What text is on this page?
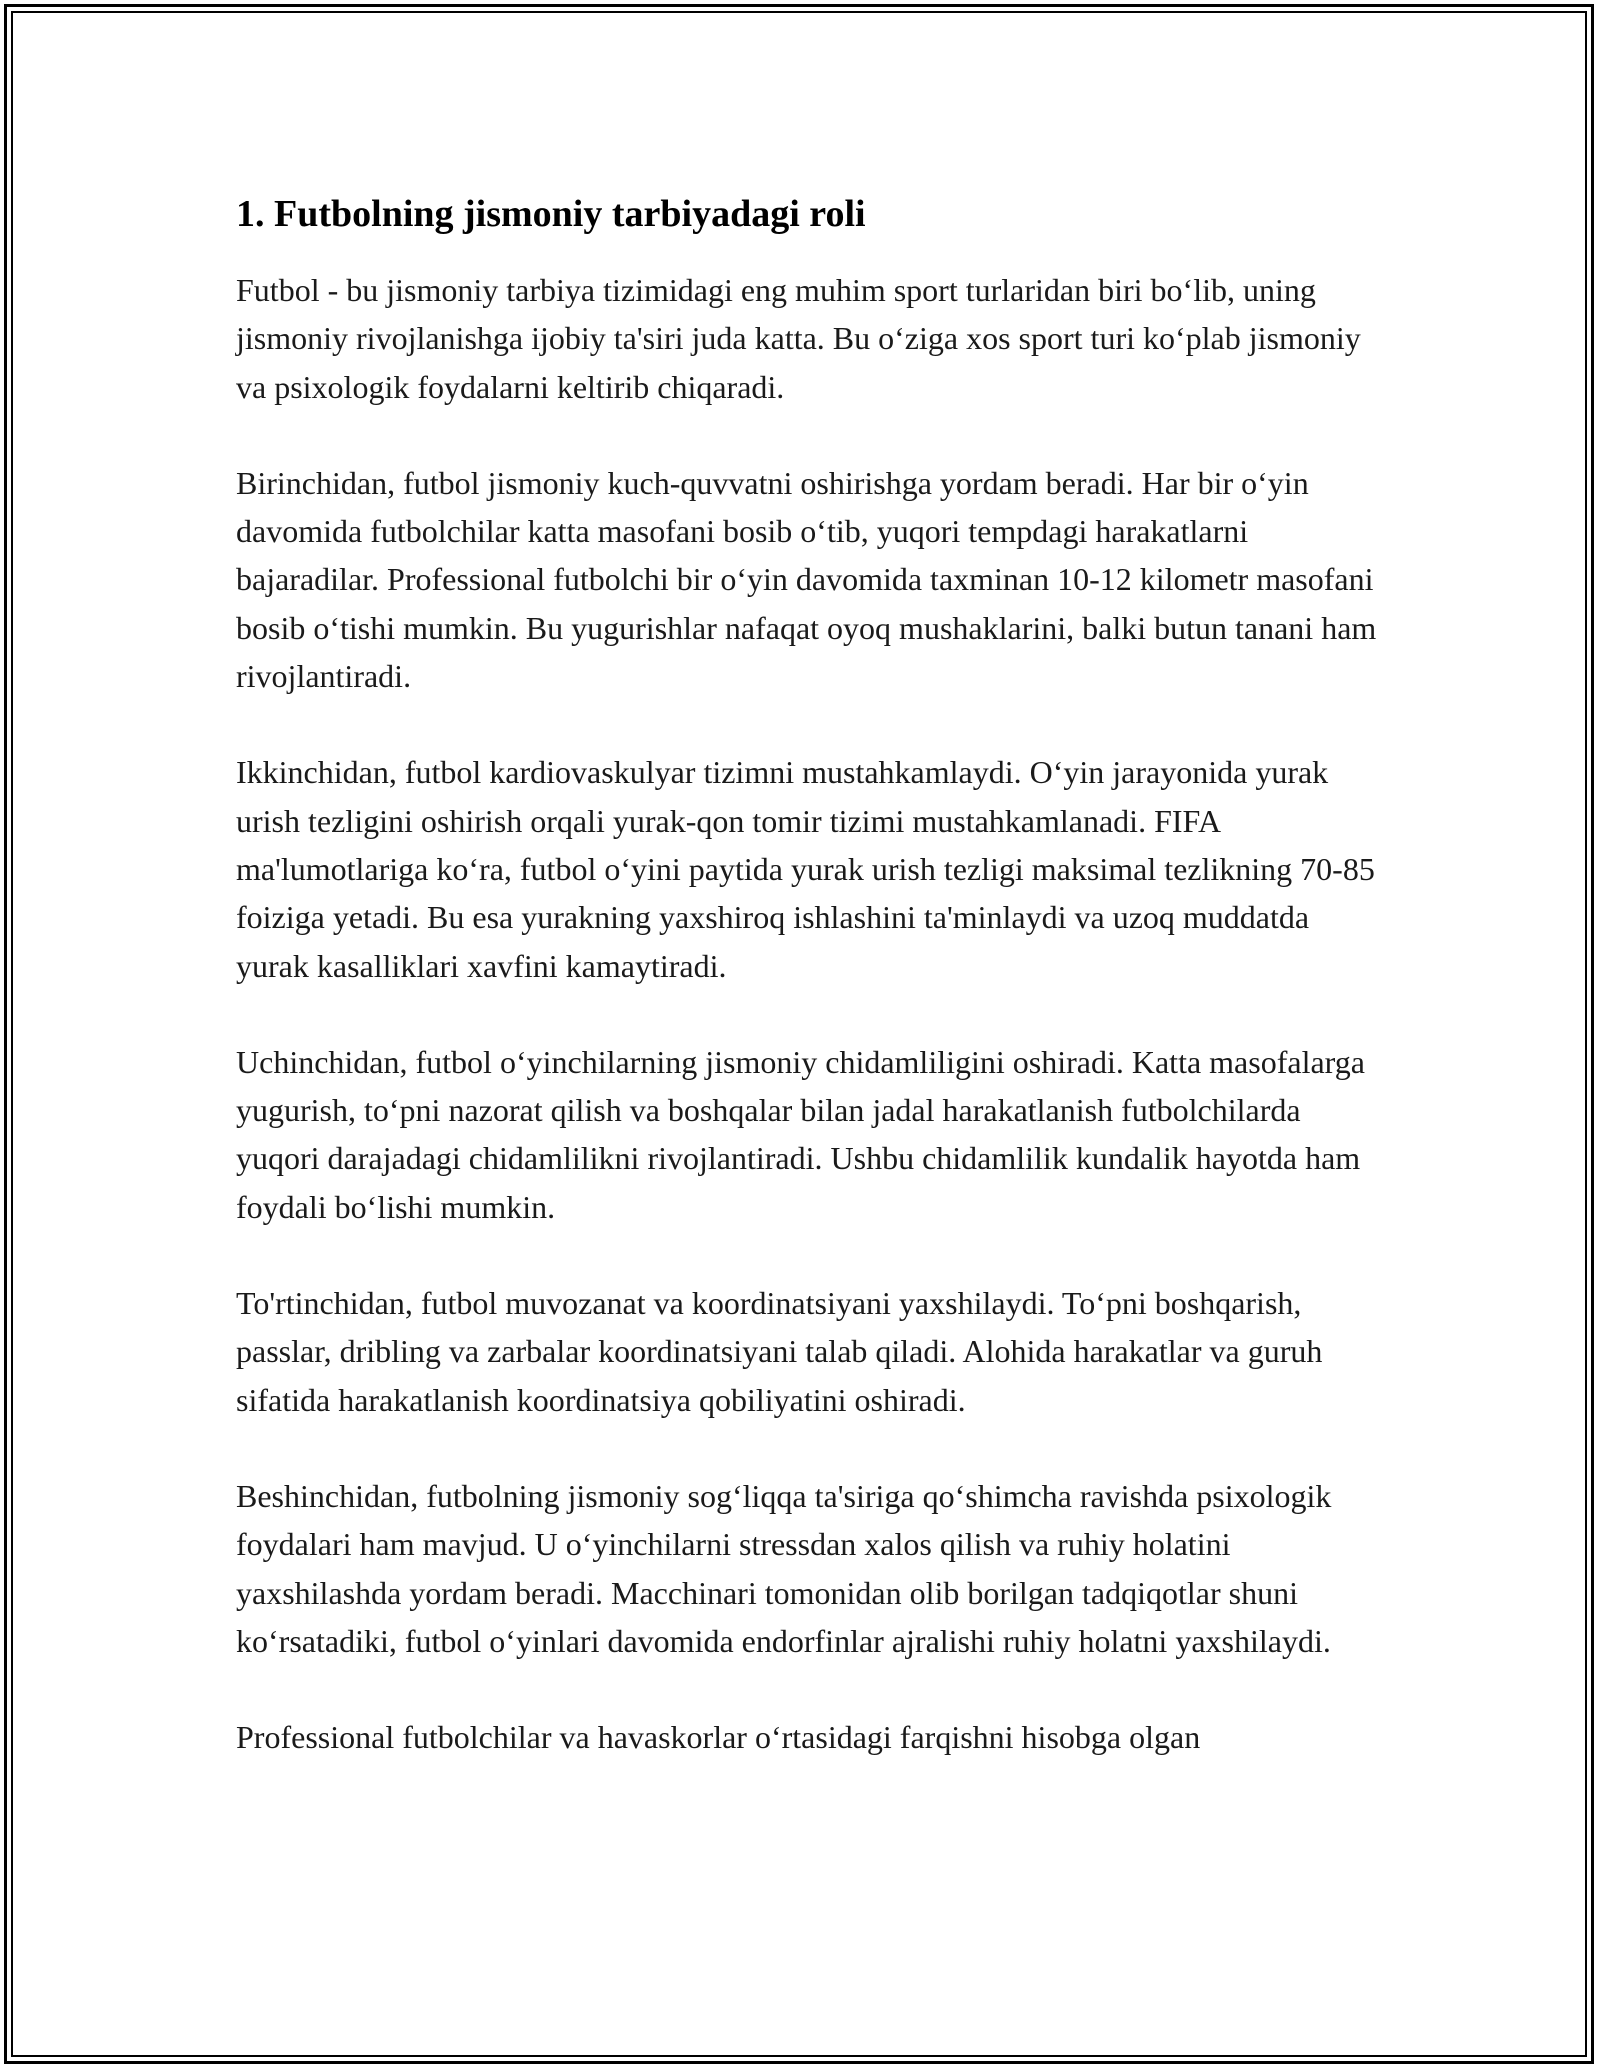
1. Futbolning jismoniy tarbiyadagi roli

Futbol - bu jismoniy tarbiya tizimidagi eng muhim sport turlaridan biri bo‘lib, uning jismoniy rivojlanishga ijobiy ta'siri juda katta. Bu o‘ziga xos sport turi ko‘plab jismoniy va psixologik foydalarni keltirib chiqaradi.

Birinchidan, futbol jismoniy kuch-quvvatni oshirishga yordam beradi. Har bir o‘yin davomida futbolchilar katta masofani bosib o‘tib, yuqori tempdagi harakatlarni bajaradilar. Professional futbolchi bir o‘yin davomida taxminan 10-12 kilometr masofani bosib o‘tishi mumkin. Bu yugurishlar nafaqat oyoq mushaklarini, balki butun tanani ham rivojlantiradi.

Ikkinchidan, futbol kardiovaskulyar tizimni mustahkamlaydi. O‘yin jarayonida yurak urish tezligini oshirish orqali yurak-qon tomir tizimi mustahkamlanadi. FIFA ma'lumotlariga ko‘ra, futbol o‘yini paytida yurak urish tezligi maksimal tezlikning 70-85 foiziga yetadi. Bu esa yurakning yaxshiroq ishlashini ta'minlaydi va uzoq muddatda yurak kasalliklari xavfini kamaytiradi.

Uchinchidan, futbol o‘yinchilarning jismoniy chidamliligini oshiradi. Katta masofalarga yugurish, to‘pni nazorat qilish va boshqalar bilan jadal harakatlanish futbolchilarda yuqori darajadagi chidamlilikni rivojlantiradi. Ushbu chidamlilik kundalik hayotda ham foydali bo‘lishi mumkin.

To'rtinchidan, futbol muvozanat va koordinatsiyani yaxshilaydi. To‘pni boshqarish, passlar, dribling va zarbalar koordinatsiyani talab qiladi. Alohida harakatlar va guruh sifatida harakatlanish koordinatsiya qobiliyatini oshiradi.

Beshinchidan, futbolning jismoniy sog‘liqqa ta'siriga qo‘shimcha ravishda psixologik foydalari ham mavjud. U o‘yinchilarni stressdan xalos qilish va ruhiy holatini yaxshilashda yordam beradi. Macchinari tomonidan olib borilgan tadqiqotlar shuni ko‘rsatadiki, futbol o‘yinlari davomida endorfinlar ajralishi ruhiy holatni yaxshilaydi.

Professional futbolchilar va havaskorlar o‘rtasidagi farqishni hisobga olgan
